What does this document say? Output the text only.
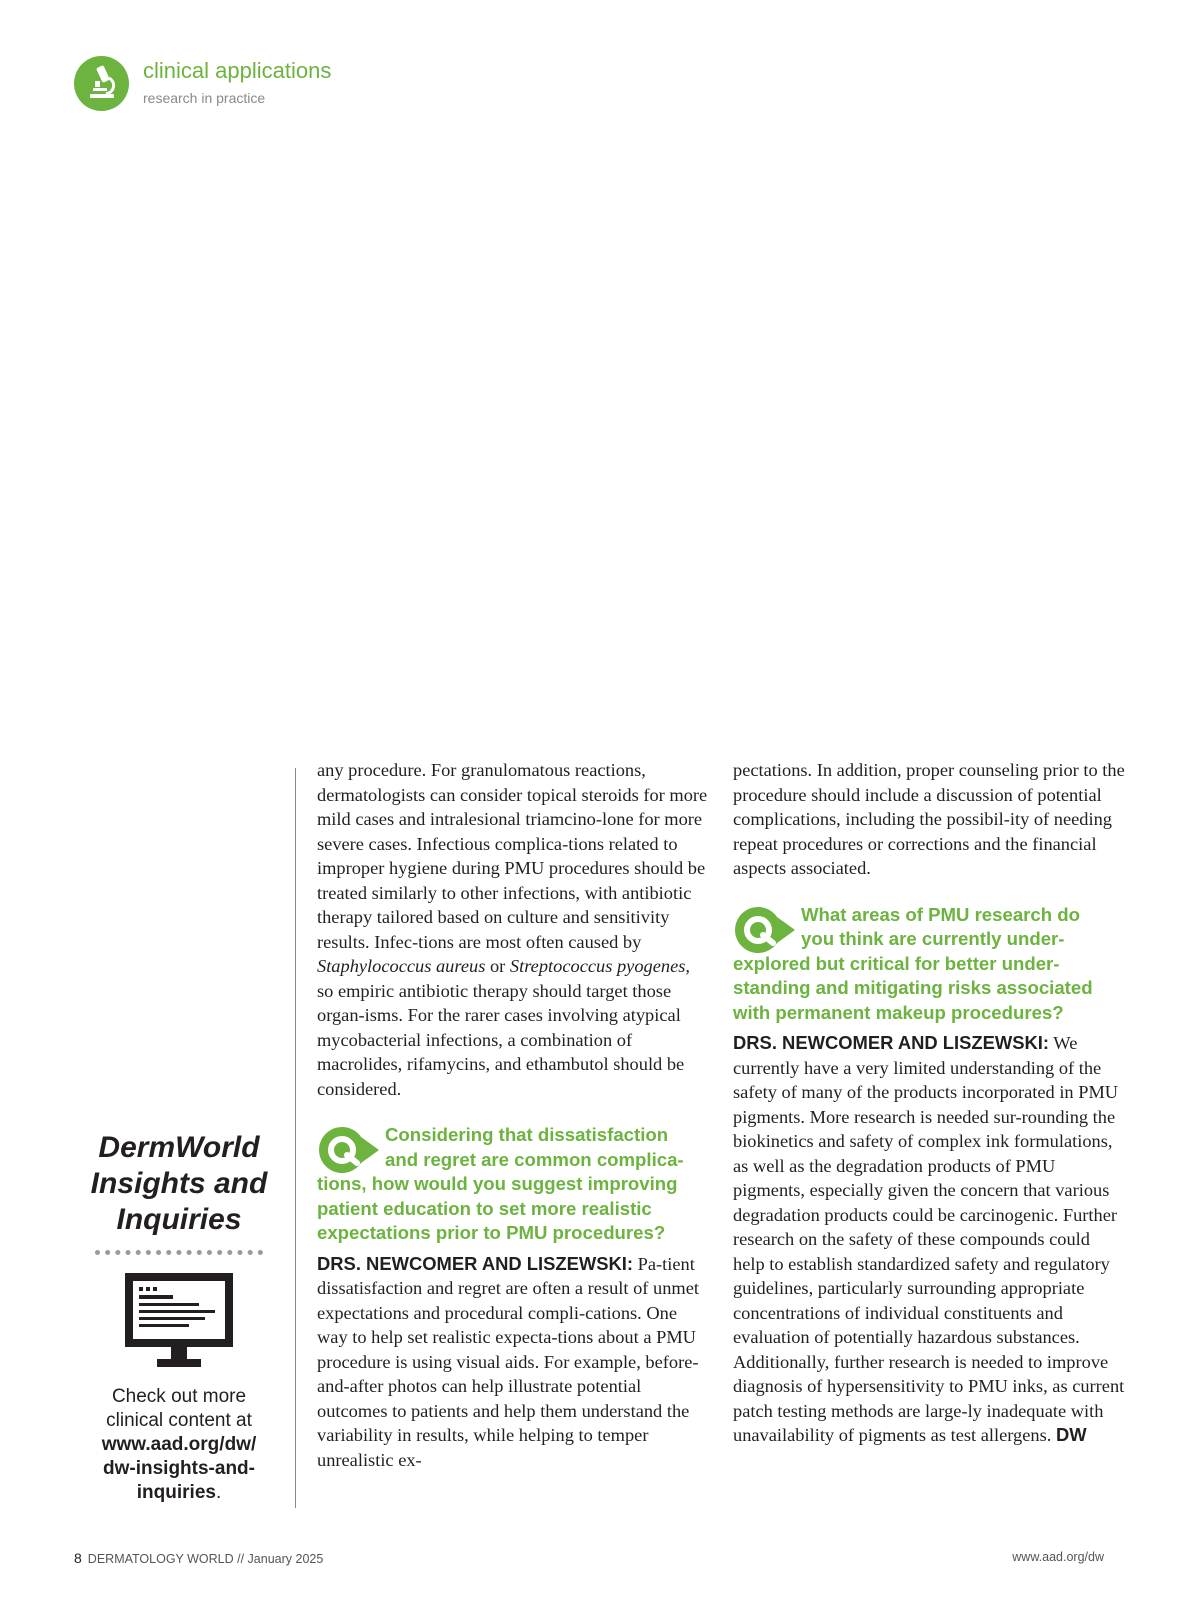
clinical applications
research in practice
DermWorld
Insights and
Inquiries
Check out more
clinical content at
www.aad.org/dw/
dw-insights-and-
inquiries.

any procedure. For granulomatous reactions, dermatologists can consider topical steroids for more mild cases and intralesional triamcino-lone for more severe cases. Infectious complica-tions related to improper hygiene during PMU procedures should be treated similarly to other infections, with antibiotic therapy tailored based on culture and sensitivity results. Infec-tions are most often caused by Staphylococcus aureus or Streptococcus pyogenes, so empiric antibiotic therapy should target those organ-isms. For the rarer cases involving atypical mycobacterial infections, a combination of macrolides, rifamycins, and ethambutol should be considered.

Considering that dissatisfaction
and regret are common complica-
tions, how would you suggest improving patient education to set more realistic expectations prior to PMU procedures?

DRS. NEWCOMER AND LISZEWSKI: Pa-tient dissatisfaction and regret are often a result of unmet expectations and procedural compli-cations. One way to help set realistic expecta-tions about a PMU procedure is using visual aids. For example, before-and-after photos can help illustrate potential outcomes to patients and help them understand the variability in results, while helping to temper unrealistic ex-

pectations. In addition, proper counseling prior to the procedure should include a discussion of potential complications, including the possibil-ity of needing repeat procedures or corrections and the financial aspects associated.

What areas of PMU research do
you think are currently under-
explored but critical for better under-standing and mitigating risks associated with permanent makeup procedures?

DRS. NEWCOMER AND LISZEWSKI: We currently have a very limited understanding of the safety of many of the products incorporated in PMU pigments. More research is needed sur-rounding the biokinetics and safety of complex ink formulations, as well as the degradation products of PMU pigments, especially given the concern that various degradation products could be carcinogenic. Further research on the safety of these compounds could help to establish standardized safety and regulatory guidelines, particularly surrounding appropriate concentrations of individual constituents and evaluation of potentially hazardous substances. Additionally, further research is needed to improve diagnosis of hypersensitivity to PMU inks, as current patch testing methods are large-ly inadequate with unavailability of pigments as test allergens. DW

8 DERMATOLOGY WORLD // January 2025	www.aad.org/dw
